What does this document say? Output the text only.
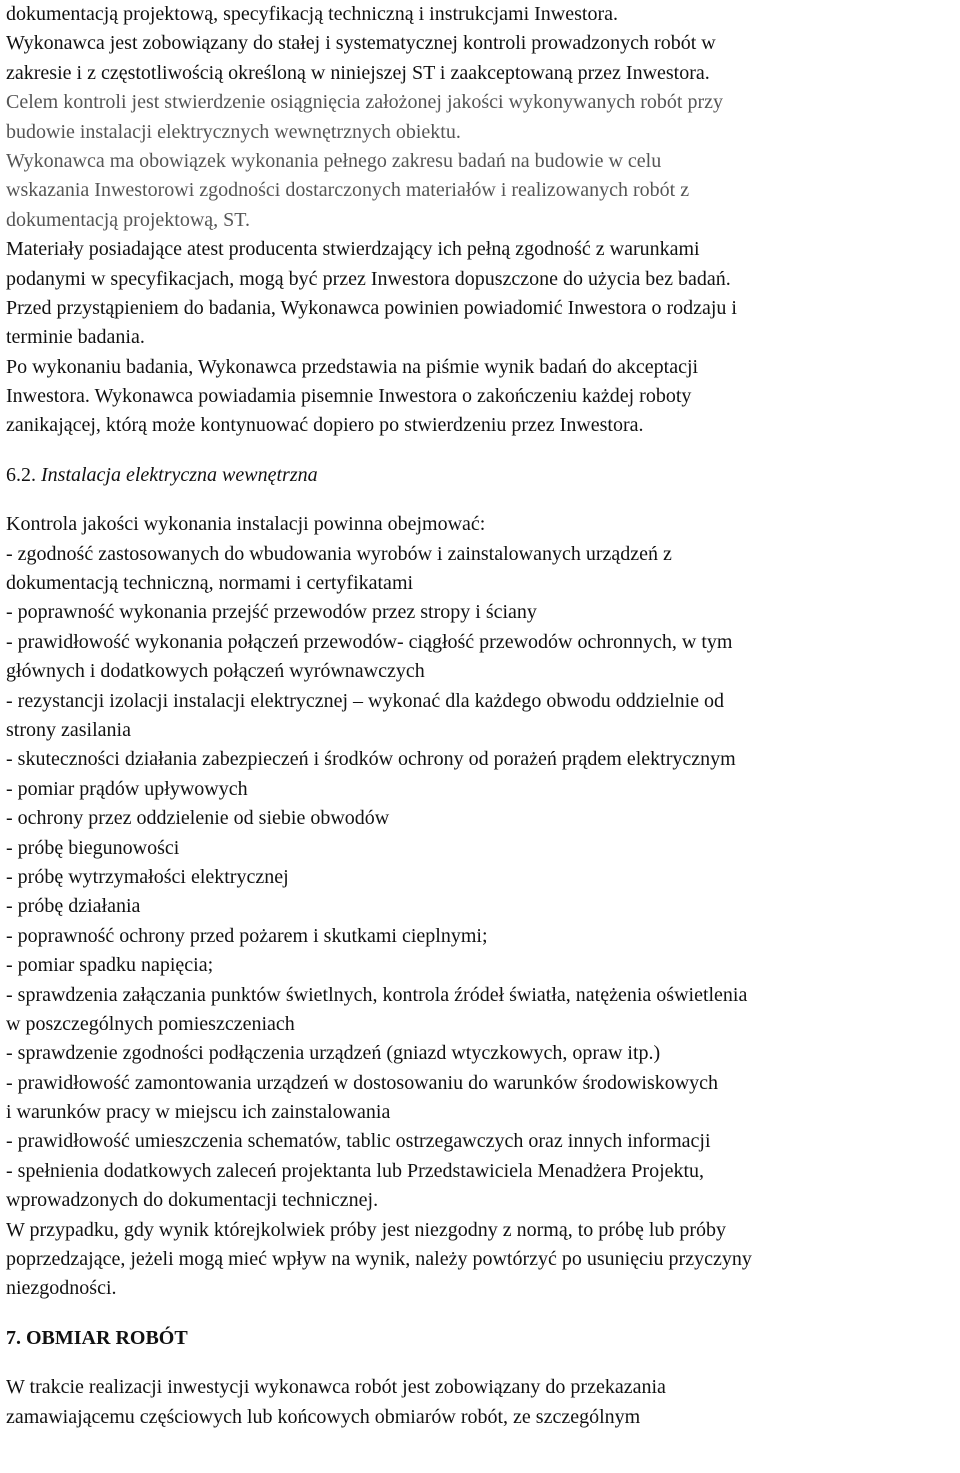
dokumentacją projektową, specyfikacją techniczną i instrukcjami Inwestora.
Wykonawca jest zobowiązany do stałej i systematycznej kontroli prowadzonych robót w
zakresie i z częstotliwością określoną w niniejszej ST i zaakceptowaną przez Inwestora.
Celem kontroli jest stwierdzenie osiągnięcia założonej jakości wykonywanych robót przy
budowie instalacji elektrycznych wewnętrznych obiektu.
Wykonawca ma obowiązek wykonania pełnego zakresu badań na budowie w celu
wskazania Inwestorowi zgodności dostarczonych materiałów i realizowanych robót z
dokumentacją projektową, ST.
Materiały posiadające atest producenta stwierdzający ich pełną zgodność z warunkami
podanymi w specyfikacjach, mogą być przez Inwestora dopuszczone do użycia bez badań.
Przed przystąpieniem do badania, Wykonawca powinien powiadomić Inwestora o rodzaju i
terminie badania.
Po wykonaniu badania, Wykonawca przedstawia na piśmie wynik badań do akceptacji
Inwestora. Wykonawca powiadamia pisemnie Inwestora o zakończeniu każdej roboty
zanikającej, którą może kontynuować dopiero po stwierdzeniu przez Inwestora.
6.2. Instalacja elektryczna wewnętrzna
Kontrola jakości wykonania instalacji powinna obejmować:
- zgodność zastosowanych do wbudowania wyrobów i zainstalowanych urządzeń z
dokumentacją techniczną, normami i certyfikatami
- poprawność wykonania przejść przewodów przez stropy i ściany
- prawidłowość wykonania połączeń przewodów- ciągłość przewodów ochronnych, w tym
głównych i dodatkowych połączeń wyrównawczych
- rezystancji izolacji instalacji elektrycznej – wykonać dla każdego obwodu oddzielnie od
strony zasilania
- skuteczności działania zabezpieczeń i środków ochrony od porażeń prądem elektrycznym
- pomiar prądów upływowych
- ochrony przez oddzielenie od siebie obwodów
- próbę biegunowości
- próbę wytrzymałości elektrycznej
- próbę działania
- poprawność ochrony przed pożarem i skutkami cieplnymi;
- pomiar spadku napięcia;
- sprawdzenia załączania punktów świetlnych, kontrola źródeł światła, natężenia oświetlenia
w poszczególnych pomieszczeniach
- sprawdzenie zgodności podłączenia urządzeń (gniazd wtyczkowych, opraw itp.)
- prawidłowość zamontowania urządzeń w dostosowaniu do warunków środowiskowych
i warunków pracy w miejscu ich zainstalowania
- prawidłowość umieszczenia schematów, tablic ostrzegawczych oraz innych informacji
- spełnienia dodatkowych zaleceń projektanta lub Przedstawiciela Menadżera Projektu,
wprowadzonych do dokumentacji technicznej.
W przypadku, gdy wynik którejkolwiek próby jest niezgodny z normą, to próbę lub próby
poprzedzające, jeżeli mogą mieć wpływ na wynik, należy powtórzyć po usunięciu przyczyny
niezgodności.
7. OBMIAR ROBÓT
W trakcie realizacji inwestycji wykonawca robót jest zobowiązany do przekazania
zamawiającemu częściowych lub końcowych obmiarów robót, ze szczególnym
